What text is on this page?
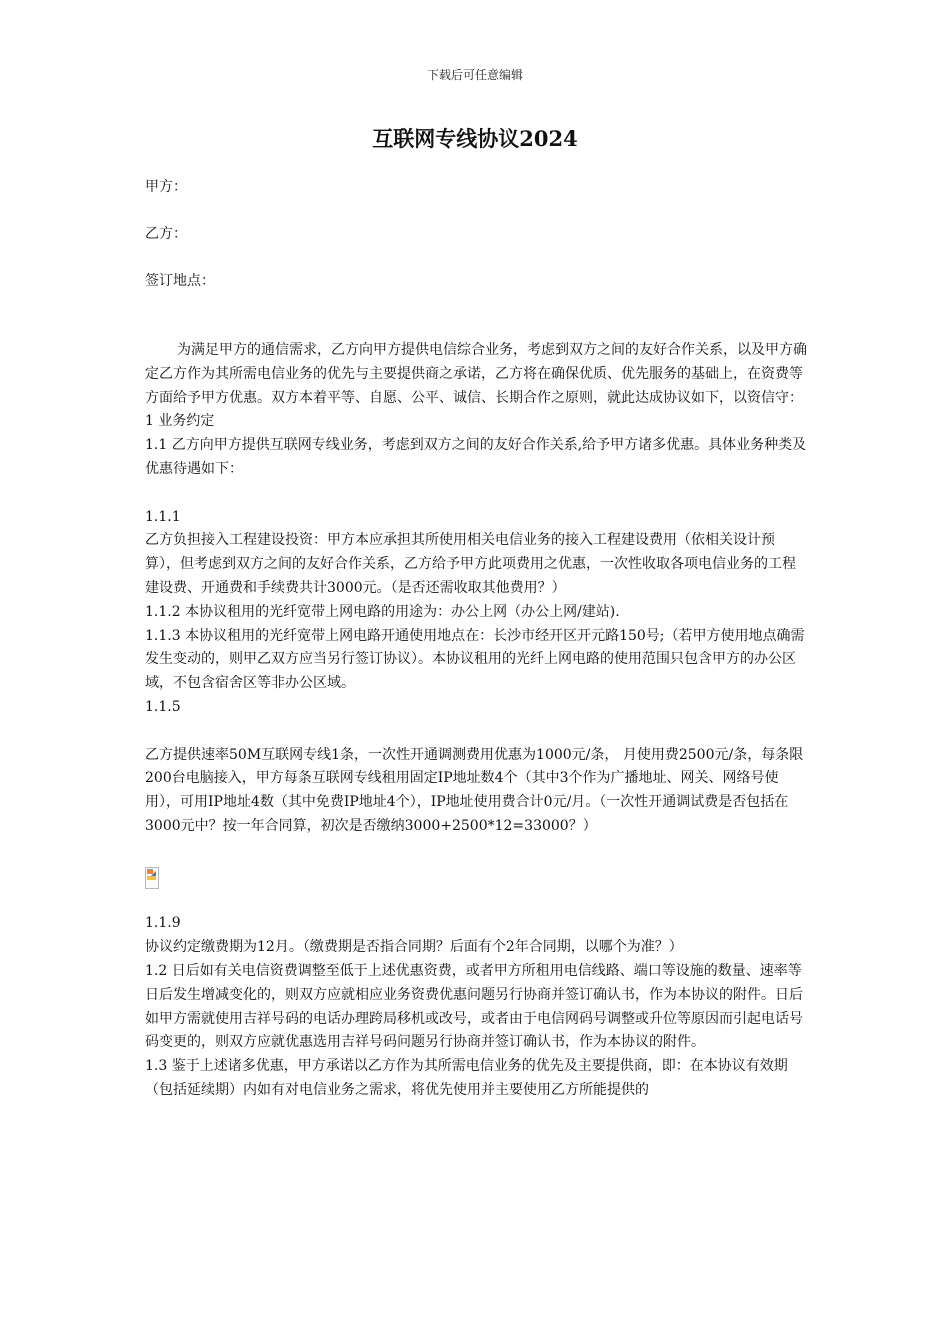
下载后可任意编辑
互联网专线协议2024
甲方：
乙方：
签订地点：

为满足甲方的通信需求，乙方向甲方提供电信综合业务，考虑到双方之间的友好合作关系，以及甲方确定乙方作为其所需电信业务的优先与主要提供商之承诺，乙方将在确保优质、优先服务的基础上，在资费等方面给予甲方优惠。双方本着平等、自愿、公平、诚信、长期合作之原则，就此达成协议如下，以资信守：

1 业务约定

1.1 乙方向甲方提供互联网专线业务，考虑到双方之间的友好合作关系,给予甲方诸多优惠。具体业务种类及优惠待遇如下：

1.1.1

乙方负担接入工程建设投资：甲方本应承担其所使用相关电信业务的接入工程建设费用（依相关设计预算），但考虑到双方之间的友好合作关系，乙方给予甲方此项费用之优惠，一次性收取各项电信业务的工程建设费、开通费和手续费共计3000元。（是否还需收取其他费用？）

1.1.2 本协议租用的光纤宽带上网电路的用途为：办公上网（办公上网/建站).

1.1.3 本协议租用的光纤宽带上网电路开通使用地点在：长沙市经开区开元路150号;（若甲方使用地点确需发生变动的，则甲乙双方应当另行签订协议）。本协议租用的光纤上网电路的使用范围只包含甲方的办公区域，不包含宿舍区等非办公区域。

1.1.5

乙方提供速率50M互联网专线1条，一次性开通调测费用优惠为1000元/条， 月使用费2500元/条，每条限200台电脑接入，甲方每条互联网专线租用固定IP地址数4个（其中3个作为广播地址、网关、网络号使用），可用IP地址4数（其中免费IP地址4个），IP地址使用费合计0元/月。（一次性开通调试费是否包括在3000元中？按一年合同算，初次是否缴纳3000+2500*12=33000？）

1.1.9

协议约定缴费期为12月。（缴费期是否指合同期？后面有个2年合同期，以哪个为准？）

1.2 日后如有关电信资费调整至低于上述优惠资费，或者甲方所租用电信线路、端口等设施的数量、速率等日后发生增减变化的，则双方应就相应业务资费优惠问题另行协商并签订确认书，作为本协议的附件。日后如甲方需就使用吉祥号码的电话办理跨局移机或改号，或者由于电信网码号调整或升位等原因而引起电话号码变更的，则双方应就优惠选用吉祥号码问题另行协商并签订确认书，作为本协议的附件。

1.3 鉴于上述诸多优惠，甲方承诺以乙方作为其所需电信业务的优先及主要提供商，即：在本协议有效期（包括延续期）内如有对电信业务之需求，将优先使用并主要使用乙方所能提供的
